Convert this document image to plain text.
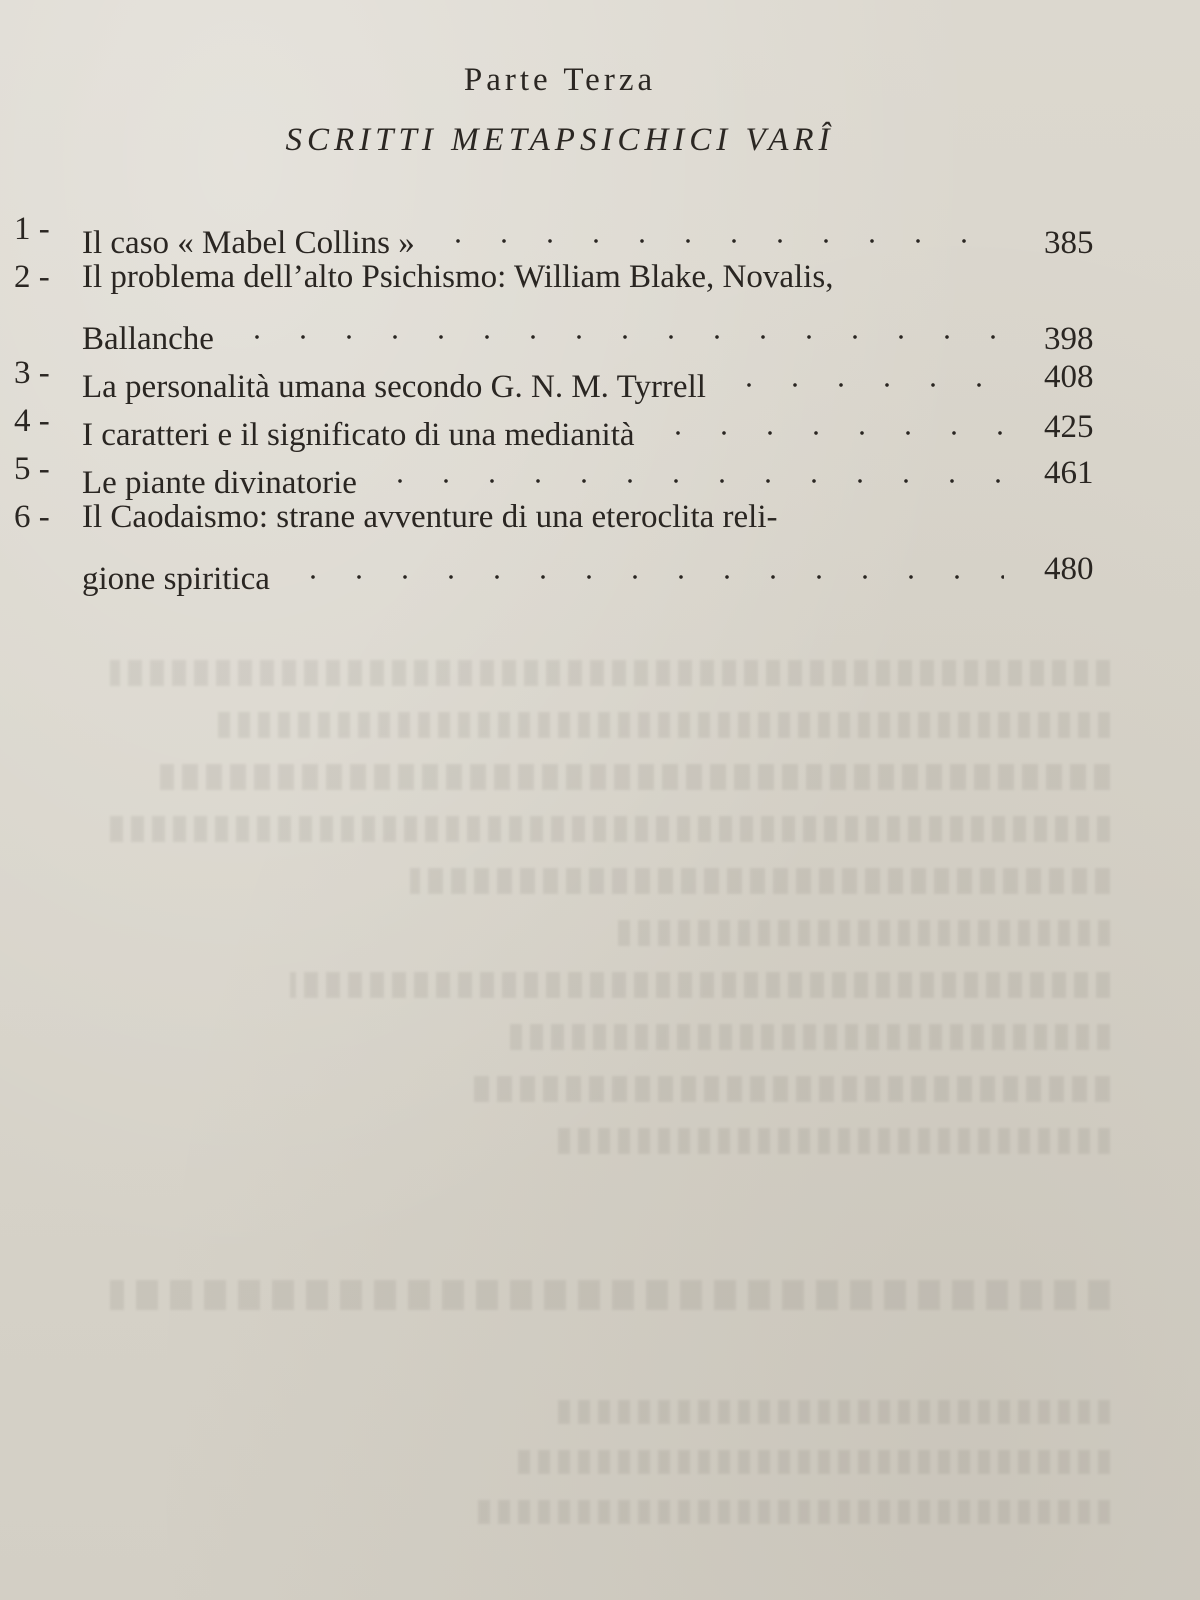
Parte Terza
SCRITTI METAPSICHICI VARÎ
1 - Il caso « Mabel Collins »	385
2 - Il problema dell’alto Psichismo: William Blake, Novalis,
Ballanche	398
3 - La personalità umana secondo G. N. M. Tyrrell	408
4 - I caratteri e il significato di una medianità	425
5 - Le piante divinatorie	461
6 - Il Caodaismo: strane avventure di una eteroclita reli-
gione spiritica	480
